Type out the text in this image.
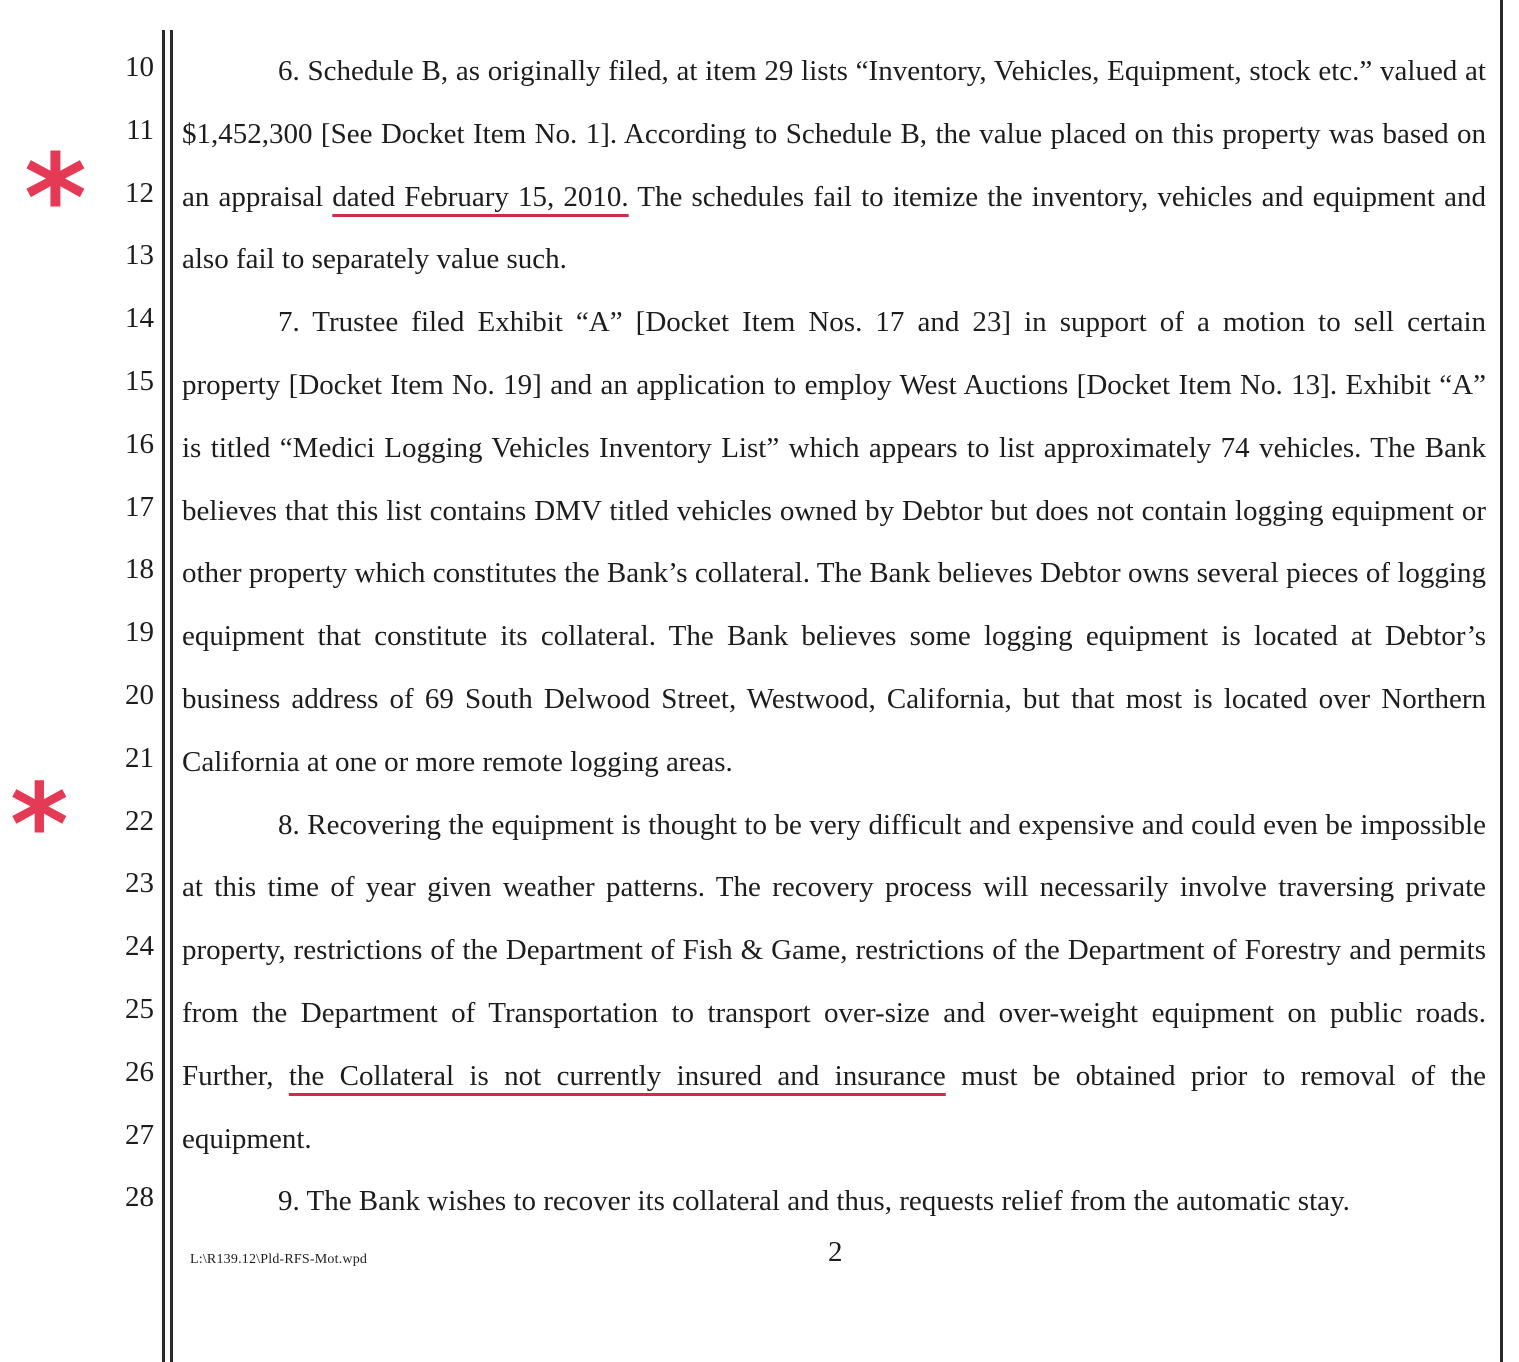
10
11
12
13
14
15
16
17
18
19
20
21
22
23
24
25
26
27
28

6. Schedule B, as originally filed, at item 29 lists “Inventory, Vehicles, Equipment, stock etc.” valued at $1,452,300 [See Docket Item No. 1]. According to Schedule B, the value placed on this property was based on an appraisal dated February 15, 2010. The schedules fail to itemize the inventory, vehicles and equipment and also fail to separately value such.

7. Trustee filed Exhibit “A” [Docket Item Nos. 17 and 23] in support of a motion to sell certain property [Docket Item No. 19] and an application to employ West Auctions [Docket Item No. 13]. Exhibit “A” is titled “Medici Logging Vehicles Inventory List” which appears to list approximately 74 vehicles. The Bank believes that this list contains DMV titled vehicles owned by Debtor but does not contain logging equipment or other property which constitutes the Bank’s collateral. The Bank believes Debtor owns several pieces of logging equipment that constitute its collateral. The Bank believes some logging equipment is located at Debtor’s business address of 69 South Delwood Street, Westwood, California, but that most is located over Northern California at one or more remote logging areas.

8. Recovering the equipment is thought to be very difficult and expensive and could even be impossible at this time of year given weather patterns. The recovery process will necessarily involve traversing private property, restrictions of the Department of Fish & Game, restrictions of the Department of Forestry and permits from the Department of Transportation to transport over-size and over-weight equipment on public roads. Further, the Collateral is not currently insured and insurance must be obtained prior to removal of the equipment.

9. The Bank wishes to recover its collateral and thus, requests relief from the automatic stay.

L:\R139.12\Pld-RFS-Mot.wpd	2
*
*
